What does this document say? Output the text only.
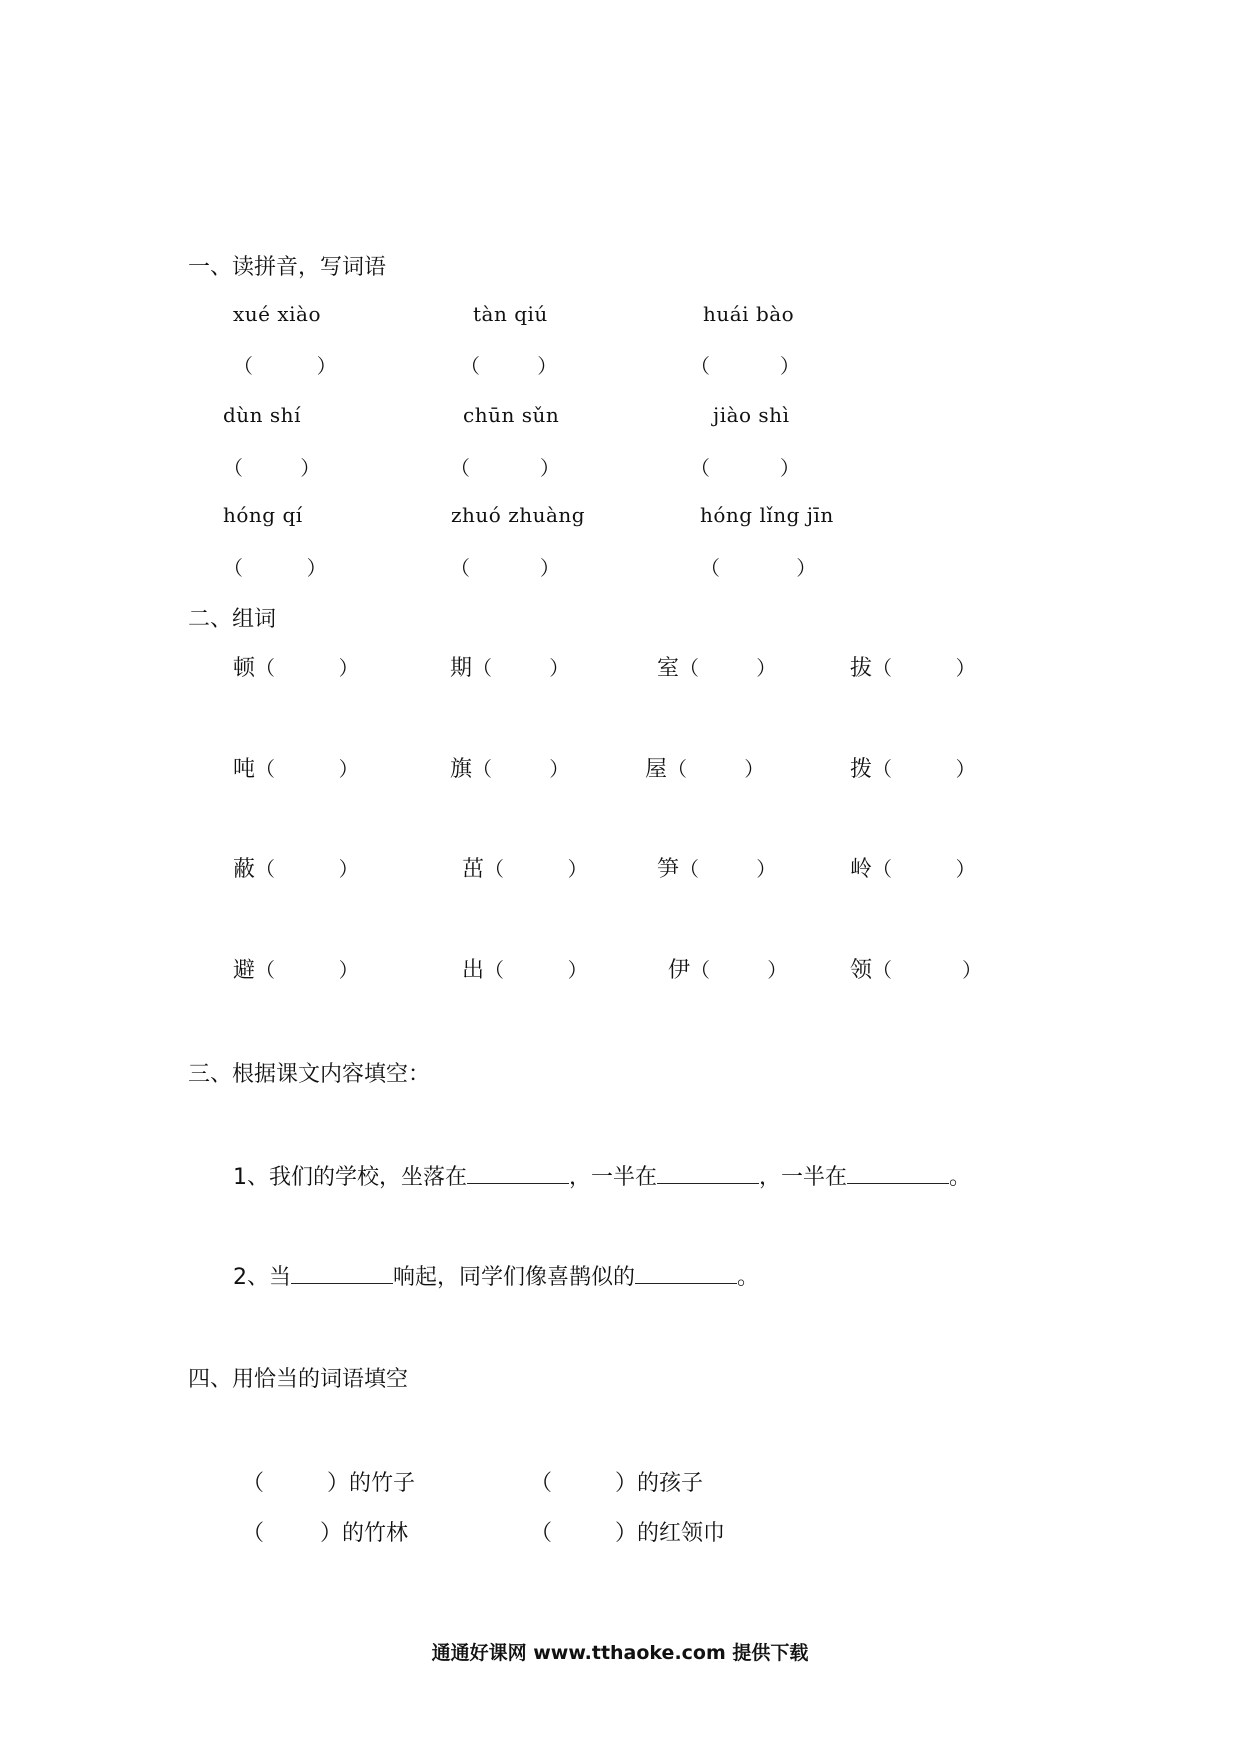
一、读拼音，写词语
xué xiào	tàn qiú	huái bào
（          ）	（         ）	（           ）
dùn shí	chūn sǔn	jiào shì
（         ）	（           ）	（           ）
hóng qí	zhuó zhuàng	hóng lǐng jīn
（          ）	（           ）	（            ）
二、组词
顿（          ）	期（         ）	室（         ）	拔（          ）
吨（          ）	旗（         ）	屋（         ）	拨（          ）
蔽（          ）	茁（          ）	笋（         ）	岭（          ）
避（          ）	出（          ）	伊（         ）	领（           ）
三、根据课文内容填空：
1、我们的学校，坐落在	，一半在	，一半在	。
2、当	响起，同学们像喜鹊似的	。
四、用恰当的词语填空
（         ）的竹子	（         ）的孩子
（        ）的竹林	（         ）的红领巾
通通好课网 www.tthaoke.com 提供下载
